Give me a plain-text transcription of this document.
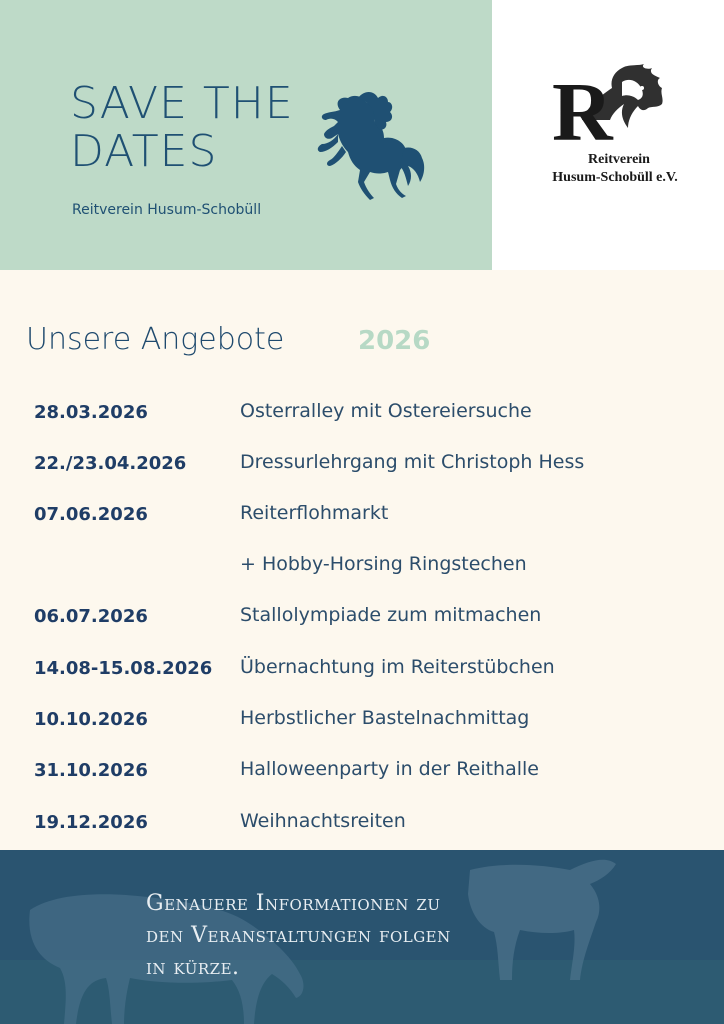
SAVE THE
DATES
Reitverein Husum-Schobüll
R
Reitverein
Husum-Schobüll e.V.
Unsere Angebote	2026
28.03.2026	Osterralley mit Ostereiersuche
22./23.04.2026	Dressurlehrgang mit Christoph Hess
07.06.2026	Reiterflohmarkt
+ Hobby-Horsing Ringstechen
06.07.2026	Stallolympiade zum mitmachen
14.08-15.08.2026 Übernachtung im Reiterstübchen
10.10.2026	Herbstlicher Bastelnachmittag
31.10.2026	Halloweenparty in der Reithalle
19.12.2026	Weihnachtsreiten
Genauere Informationen zu
den Veranstaltungen folgen
in kürze.
